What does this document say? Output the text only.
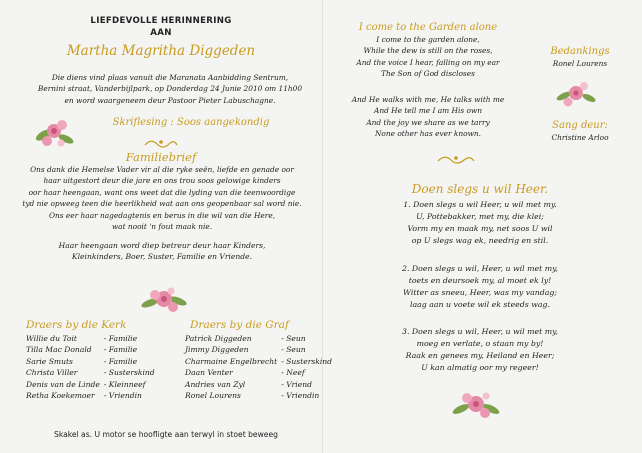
LIEFDEVOLLE HERINNERING
AAN
Martha Magritha Diggeden
Die diens vind plaas vanuit die Maranata Aanbidding Sentrum,
Bernini straat, Vanderbijlpark, op Donderdag 24 Junie 2010 om 11h00
en word waargeneem deur Pastoor Pieter Labuschagne.
Skriflesing : Soos aangekondig
Familiebrief
Ons dank die Hemelse Vader vir al die ryke seën, liefde en genade oor
haar uitgestort deur die jare en ons trou soos gelowige kinders
oor haar heengaan, want ons weet dat die lyding van die teenwoordige
tyd nie opweeg teen die heerlikheid wat aan ons geopenbaar sal word nie.
Ons eer haar nagedagtenis en berus in die wil van die Here,
wat nooit 'n fout maak nie.
Haar heengaan word diep betreur deur haar Kinders,
Kleinkinders, Boer, Suster, Familie en Vriende.
Draers by die Kerk
Willie du Toit	- Familie
Tilla Mac Donald	- Familie
Sarie Smuts	- Familie
Christa Viller	- Susterskind
Denis van de Linde	- Kleinneef
Retha Koekemoer	- Vriendin
Draers by die Graf
Patrick Diggeden	- Seun
Jimmy Diggeden	- Seun
Charmaine Engelbrecht	- Susterskind
Daan Venter	- Neef
Andries van Zyl	- Vriend
Ronel Lourens	- Vriendin
Skakel as. U motor se hoofligte aan terwyl in stoet beweeg
I come to the Garden alone
I come to the garden alone,
While the dew is still on the roses,
And the voice I hear, falling on my ear
The Son of God discloses
And He walks with me, He talks with me
And He tell me I am His own
And the joy we share as we tarry
None other has ever known.
Bedankings
Ronel Lourens
Sang deur:
Christine Arloo
Doen slegs u wil Heer.
1. Doen slegs u wil Heer, u wil met my.
U, Pottebakker, met my, die klei;
Vorm my en maak my, net soos U wil
op U slegs wag ek, needrig en stil.
2. Doen slegs u wil, Heer, u wil met my,
toets en deursoek my, al moet ek ly!
Witter as sneeu, Heer, was my vandag;
laag aan u voete wil ek steeds wag.
3. Doen slegs u wil, Heer, u wil met my,
moeg en verlate, o staan my by!
Raak en genees my, Heiland en Heer;
U kan almatig oor my regeer!
